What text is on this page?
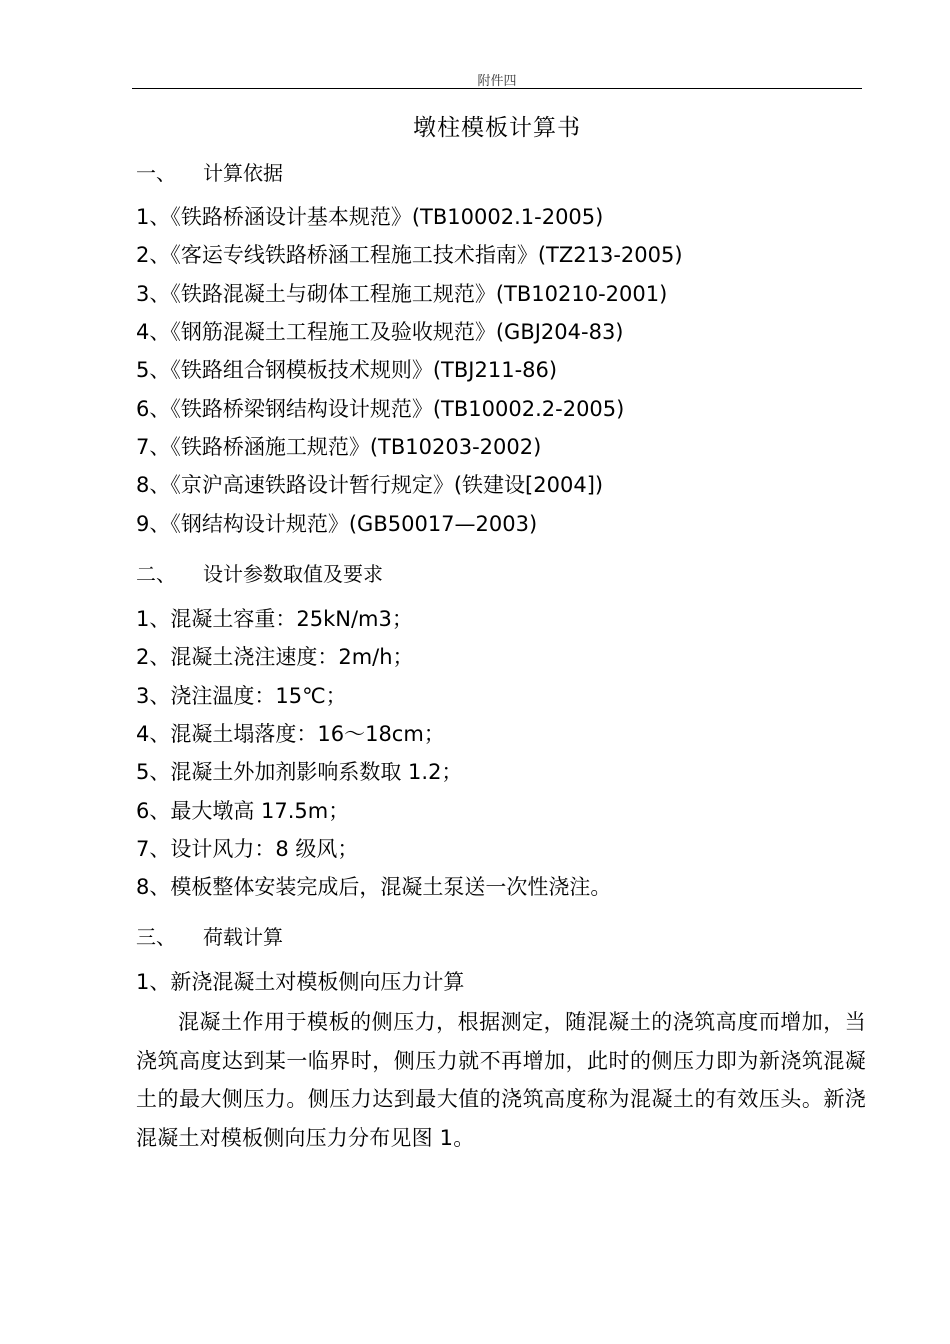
附件四
墩柱模板计算书
一、 计算依据
1、《铁路桥涵设计基本规范》(TB10002.1-2005)
2、《客运专线铁路桥涵工程施工技术指南》(TZ213-2005)
3、《铁路混凝土与砌体工程施工规范》(TB10210-2001)
4、《钢筋混凝土工程施工及验收规范》(GBJ204-83)
5、《铁路组合钢模板技术规则》(TBJ211-86)
6、《铁路桥梁钢结构设计规范》(TB10002.2-2005)
7、《铁路桥涵施工规范》(TB10203-2002)
8、《京沪高速铁路设计暂行规定》(铁建设[2004])
9、《钢结构设计规范》(GB50017—2003)
二、 设计参数取值及要求
1、混凝土容重：25kN/m3；
2、混凝土浇注速度：2m/h；
3、浇注温度：15℃；
4、混凝土塌落度：16～18cm；
5、混凝土外加剂影响系数取 1.2；
6、最大墩高 17.5m；
7、设计风力：8 级风；
8、模板整体安装完成后，混凝土泵送一次性浇注。
三、 荷载计算
1、新浇混凝土对模板侧向压力计算
混凝土作用于模板的侧压力，根据测定，随混凝土的浇筑高度而增加，当浇筑高度达到某一临界时，侧压力就不再增加，此时的侧压力即为新浇筑混凝土的最大侧压力。侧压力达到最大值的浇筑高度称为混凝土的有效压头。新浇混凝土对模板侧向压力分布见图 1。
